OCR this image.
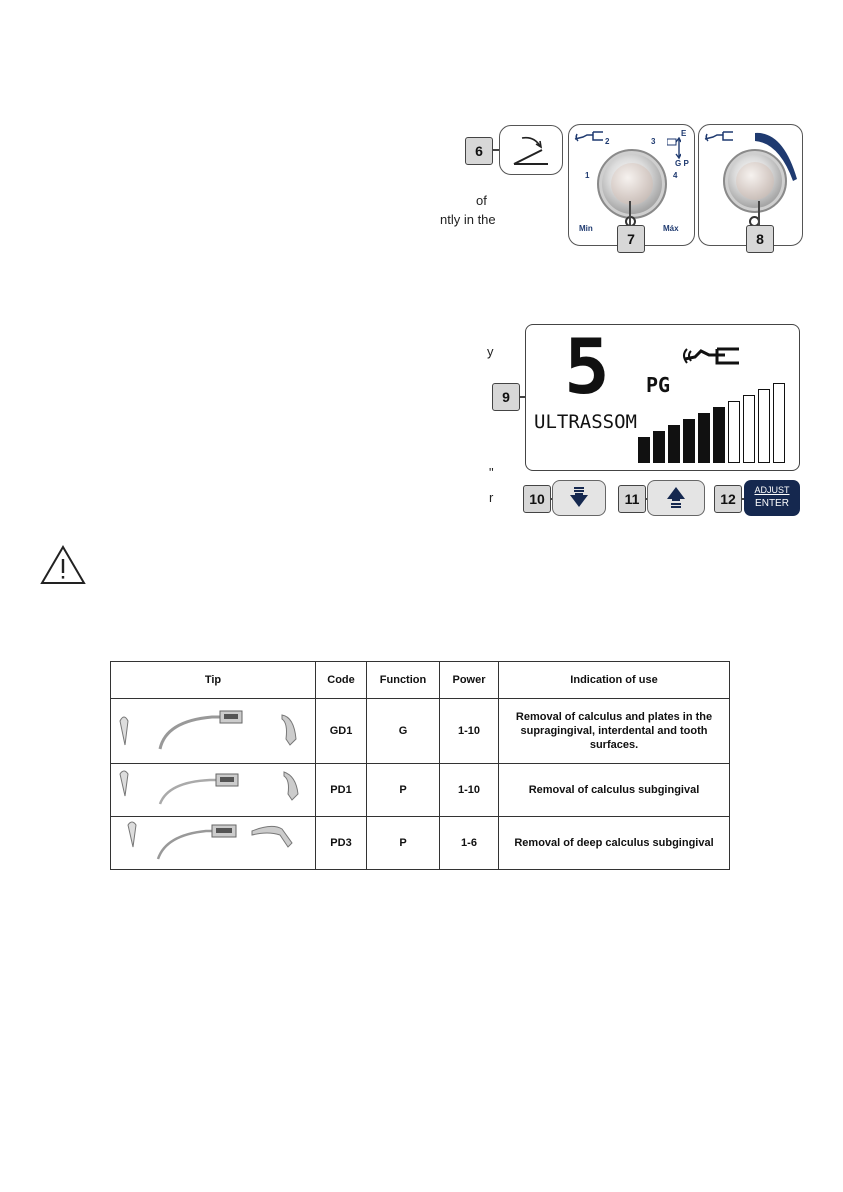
of
ntly in the
y
"
r
6
2	3
1	4
Min	Máx
E
G P
7	8
9 5 PG
ULTRASSOM
10	11	12
ADJUST
ENTER
Tip	Code	Function	Power	Indication of use
	GD1	G	1-10	Removal of calculus and plates in the supragingival, interdental and tooth surfaces.
	PD1	P	1-10	Removal of calculus subgingival
	PD3	P	1-6	Removal of deep calculus subgingival
